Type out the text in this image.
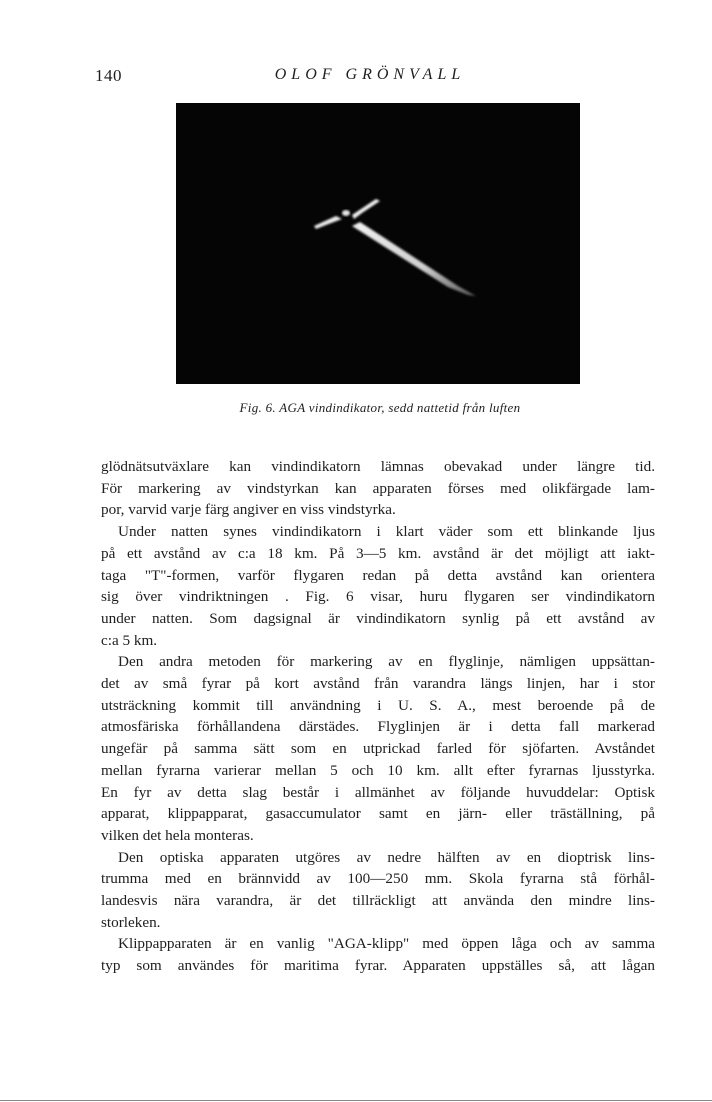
140	OLOF GRÖNVALL
Fig. 6. AGA vindindikator, sedd nattetid från luften
glödnätsutväxlare kan vindindikatorn lämnas obevakad under längre tid.
För markering av vindstyrkan kan apparaten förses med olikfärgade lam-
por, varvid varje färg angiver en viss vindstyrka.
Under natten synes vindindikatorn i klart väder som ett blinkande ljus
på ett avstånd av c:a 18 km. På 3—5 km. avstånd är det möjligt att iakt-
taga "T"-formen, varför flygaren redan på detta avstånd kan orientera
sig över vindriktningen . Fig. 6 visar, huru flygaren ser vindindikatorn
under natten. Som dagsignal är vindindikatorn synlig på ett avstånd av
c:a 5 km.
Den andra metoden för markering av en flyglinje, nämligen uppsättan-
det av små fyrar på kort avstånd från varandra längs linjen, har i stor
utsträckning kommit till användning i U. S. A., mest beroende på de
atmosfäriska förhållandena därstädes. Flyglinjen är i detta fall markerad
ungefär på samma sätt som en utprickad farled för sjöfarten. Avståndet
mellan fyrarna varierar mellan 5 och 10 km. allt efter fyrarnas ljusstyrka.
En fyr av detta slag består i allmänhet av följande huvuddelar: Optisk
apparat, klippapparat, gasaccumulator samt en järn- eller trāställning, på
vilken det hela monteras.
Den optiska apparaten utgöres av nedre hälften av en dioptrisk lins-
trumma med en brännvidd av 100—250 mm. Skola fyrarna stå förhål-
landesvis nära varandra, är det tillräckligt att använda den mindre lins-
storleken.
Klippapparaten är en vanlig "AGA-klipp" med öppen låga och av samma
typ som användes för maritima fyrar. Apparaten uppställes så, att lågan
